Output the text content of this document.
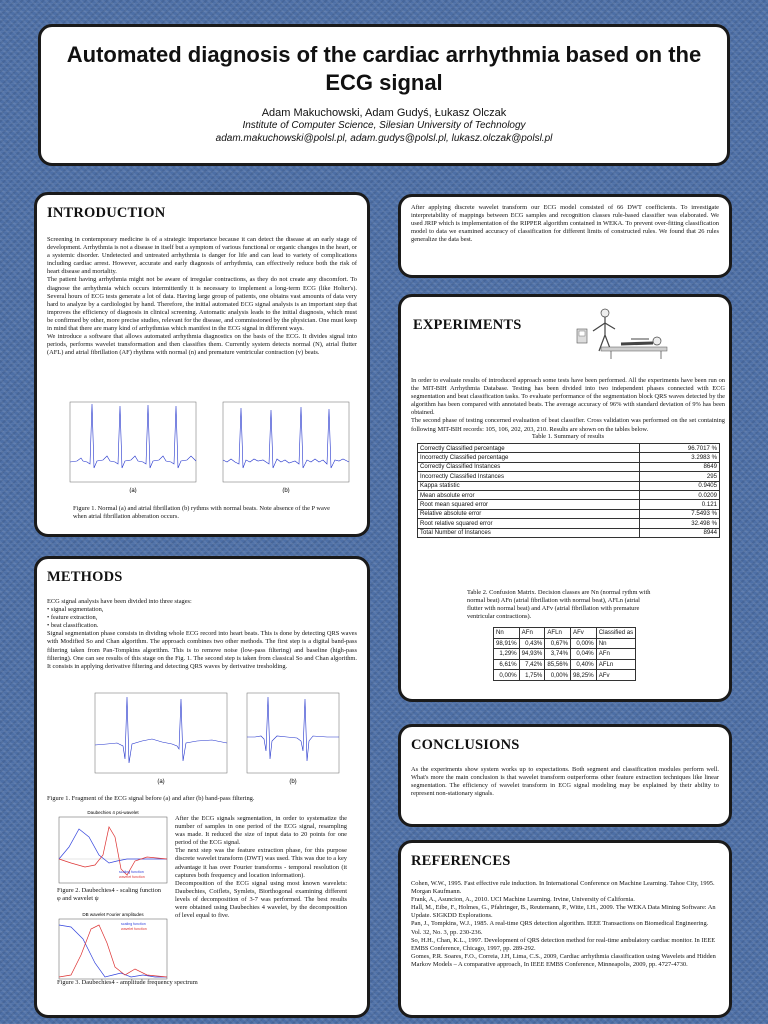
Automated diagnosis of the cardiac arrhythmia based on the ECG signal
Adam Makuchowski, Adam Gudyś, Łukasz Olczak
Institute of Computer Science, Silesian University of Technology
adam.makuchowski@polsl.pl, adam.gudys@polsl.pl, lukasz.olczak@polsl.pl
INTRODUCTION

Screening in contemporary medicine is of a strategic importance because it can detect the disease at an early stage of development. Arrhythmia is not a disease in itself but a symptom of various functional or organic changes in the heart, or a systemic disorder. Undetected and untreated arrhythmia is danger for life and can lead to variety of complications including cardiac arrest. However, accurate and early diagnosis of arrhythmia, can effectively reduce both the risk of heart disease and mortality.

The patient having arrhythmia might not be aware of irregular contractions, as they do not create any discomfort. To diagnose the arrhythmia which occurs intermittently it is necessary to implement a long-term ECG (like Holter's). Several hours of ECG tests generate a lot of data. Having large group of patients, one obtains vast amounts of data very hard to analyze by a cardiologist by hand. Therefore, the initial automated ECG signal analysis is an important step that improves the efficiency of diagnosis in clinical screening. Automatic analysis leads to the initial diagnosis, which must be confirmed by other, more precise studies, relevant for the disease, and commissioned by the physician. One must keep in mind that there are many kind of arrhythmias which manifest in the ECG signal in different ways.

We introduce a software that allows automated arrhythmia diagnostics on the basis of the ECG. It divides signal into periods, performs wavelet transformation and then classifies them. Currently system detects normal (N), atrial flutter (AFL) and atrial fibrillation (AF) rhythms with normal (n) and premature ventricular contraction (v) beats.

(a)	(b)

Figure 1. Normal (a) and atrial fibrillation (b) rythms with normal beats. Note absence of the P wave when atrial fibrillation abberation occurs.

METHODS

ECG signal analysis have been divided into three stages:

• signal segmentation,
• feature extraction,
• beat classification.

Signal segmentation phase consists in dividing whole ECG record into heart beats. This is done by detecting QRS waves with Modified So and Chan algorithm. The approach combines two other methods. The first step is a digital band-pass filtering taken from Pan-Tompkins algorithm. This is to remove noise (low-pass filtering) and baseline (high-pass filtering). One can see results of this stage on the Fig. 1. The second step is taken from classical So and Chan algorithm. It consists in applying derivative filtering and detecting QRS waves by derivative tresholding.

(a)	(b)

Figure 1. Fragment of the ECG signal before (a) and after (b) band-pass filtering.

Daubechies 4 psi-wavelet
scaling function
wavelet function

Figure 2. Daubechies4 - scaling function φ and wavelet ψ

DB wavelet Fourier amplitudes
scaling function
wavelet function

Figure 3. Daubechies4 - amplitude frequency spectrum

After the ECG signals segmentation, in order to systematize the number of samples in one period of the ECG signal, resampling was made. It reduced the size of input data to 20 points for one period of the ECG signal.

The next step was the feature extraction phase, for this purpose discrete wavelet transform (DWT) was used. This was due to a key advantage it has over Fourier transforms - temporal resolution (it captures both frequency and location information).

Decomposition of the ECG signal using most known wavelets: Daubechies, Coiflets, Symlets, Biorthogonal examining different levels of decomposition of 3-7 was performed. The best results were obtained using Daubechies 4 wavelet, by the decomposition of level equal to five.

After applying discrete wavelet transform our ECG model consisted of 66 DWT coefficients. To investigate interpretability of mappings between ECG samples and recognition classes rule-based classifier was elaborated. We used JRIP which is implementation of the RIPPER algorithm contained in WEKA. To prevent over-fitting classification model to data we examined accuracy of classification for different limits of constructed rules. We found that 26 rules generalize the data best.

EXPERIMENTS

In order to evaluate results of introduced approach some tests have been performed. All the experiments have been run on the MIT-BIH Arrhythmia Database. Testing has been divided into two independent phases connected with ECG segmentation and beat classification tasks. To evaluate performance of the segmentation block QRS waves detected by the algorithm has been compared with annotated beats. The average accuracy of 96% with standard deviation of 9% has been obtained.

The second phase of testing concerned evaluation of beat classifier. Cross validation was performed on the set containing following MIT-BIH records: 105, 106, 202, 203, 210. Results are shown on the tables below.

Table 1. Summary of results
Correctly Classified percentage	96.7017 %
Incorrectly Classified percentage	3.2983 %
Correctly Classified Instances	8649
Incorrectly Classified Instances	295
Kappa statistic	0.9405
Mean absolute error	0.0209
Root mean squared error	0.121
Relative absolute error	7.5493 %
Root relative squared error	32.498 %
Total Number of Instances	8944

Table 2. Confusion Matrix. Decision classes are Nn (normal rythm with normal beat) AFn (atrial fibrillation with normal beat), AFLn (atrial flutter with normal beat) and AFv (atrial fibrillation with premature ventricular contractions).

Nn	AFn	AFLn	AFv	Classified as
98,91%	0,43%	0,67%	0,00%	Nn
1,29%	94,93%	3,74%	0,04%	AFn
6,61%	7,42%	85,56%	0,40%	AFLn
0,00%	1,75%	0,00%	98,25%	AFv
CONCLUSIONS

As the experiments show system works up to expectations. Both segment and classification modules perform well. What's more the main conclusion is that wavelet transform outperforms other feature extraction techniques like linear segmentation. The efficiency of wavelet transform in ECG signal modeling may be explained by their ability to represent non-stationary signals.

REFERENCES

Cohen, W.W., 1995. Fast effective rule induction. In International Conference on Machine Learning. Tahoe City, 1995. Morgan Kaufmann.

Frank, A., Asuncion, A., 2010. UCI Machine Learning. Irvine, University of California.

Hall, M., Eibe, F., Holmes, G., Pfahringer, B., Reutemann, P., Witte, I.H., 2009. The WEKA Data Mining Software: An Update. SIGKDD Explorations.

Pan, J., Tompkins, W.J., 1985. A real-time QRS detection algorithm. IEEE Transactions on Biomedical Engineering. Vol. 32, No. 3, pp. 230-236.

So, H.H., Chan, K.L., 1997. Development of QRS detection method for real-time ambulatory cardiac monitor. In IEEE EMBS Conference, Chicago, 1997, pp. 289-292.

Gomes, P.R. Soares, F.O., Correia, J.H, Lima, C.S., 2009, Cardiac arrhythmia classification using Wavelets and Hidden Markov Models – A comparative approach, In IEEE EMBS Conference, Minneapolis, 2009, pp. 4727-4730.
